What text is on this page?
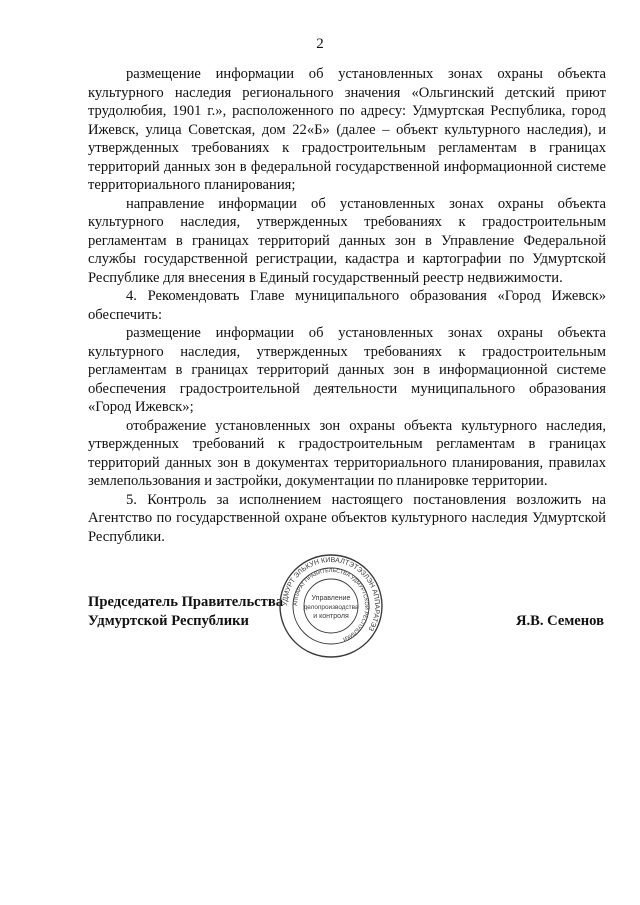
2

размещение информации об установленных зонах охраны объекта культурного наследия регионального значения «Ольгинский детский приют трудолюбия, 1901 г.», расположенного по адресу: Удмуртская Республика, город Ижевск, улица Советская, дом 22«Б» (далее – объект культурного наследия), и утвержденных требованиях к градостроительным регламентам в границах территорий данных зон в федеральной государственной информационной системе территориального планирования;

направление информации об установленных зонах охраны объекта культурного наследия, утвержденных требованиях к градостроительным регламентам в границах территорий данных зон в Управление Федеральной службы государственной регистрации, кадастра и картографии по Удмуртской Республике для внесения в Единый государственный реестр недвижимости.

4. Рекомендовать Главе муниципального образования «Город Ижевск» обеспечить:

размещение информации об установленных зонах охраны объекта культурного наследия, утвержденных требованиях к градостроительным регламентам в границах территорий данных зон в информационной системе обеспечения градостроительной деятельности муниципального образования «Город Ижевск»;

отображение установленных зон охраны объекта культурного наследия, утвержденных требований к градостроительным регламентам в границах территорий данных зон в документах территориального планирования, правилах землепользования и застройки, документации по планировке территории.

5. Контроль за исполнением настоящего постановления возложить на Агентство по государственной охране объектов культурного наследия Удмуртской Республики.

Председатель Правительства
Удмуртской Республики	Я.В. Семенов
УДМУРТ ЭЛЬКУН КИВАЛТЭТЭЗЛЭН АППАРАТЭЗ
АППАРАТ ПРАВИТЕЛЬСТВА УДМУРТСКОЙ РЕСПУБЛИКИ
Управление
делопроизводства
и контроля
